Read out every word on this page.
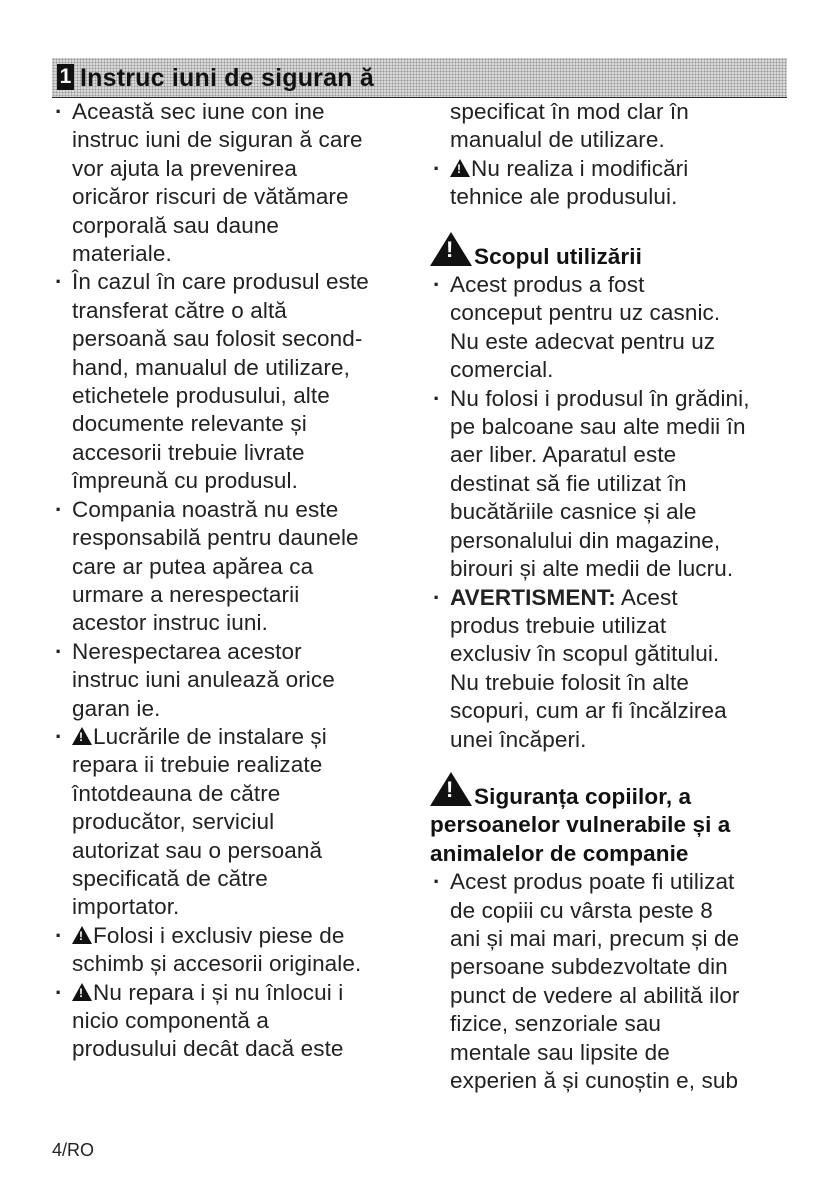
1 Instruc iuni de siguran ă
· Această sec iune con ine
instruc iuni de siguran ă care
vor ajuta la prevenirea
oricăror riscuri de vătămare
corporală sau daune
materiale.
· În cazul în care produsul este
transferat către o altă
persoană sau folosit second-
hand, manualul de utilizare,
etichetele produsului, alte
documente relevante și
accesorii trebuie livrate
împreună cu produsul.
· Compania noastră nu este
responsabilă pentru daunele
care ar putea apărea ca
urmare a nerespectarii
acestor instruc iuni.
· Nerespectarea acestor
instruc iuni anulează orice
garan ie.
!· Lucrările de instalare și
repara ii trebuie realizate
întotdeauna de către
producător, serviciul
autorizat sau o persoană
specificată de către
importator.
!· Folosi i exclusiv piese de
schimb și accesorii originale.
!· Nu repara i și nu înlocui i
nicio componentă a
produsului decât dacă este
specificat în mod clar în
manualul de utilizare.
!· Nu realiza i modificări
tehnice ale produsului.
!Scopul utilizării
· Acest produs a fost
conceput pentru uz casnic.
Nu este adecvat pentru uz
comercial.
· Nu folosi i produsul în grădini,
pe balcoane sau alte medii în
aer liber. Aparatul este
destinat să fie utilizat în
bucătăriile casnice și ale
personalului din magazine,
birouri și alte medii de lucru.
· AVERTISMENT: Acest
produs trebuie utilizat
exclusiv în scopul gătitului.
Nu trebuie folosit în alte
scopuri, cum ar fi încălzirea
unei încăperi.
!Siguranța copiilor, a
persoanelor vulnerabile și a
animalelor de companie
· Acest produs poate fi utilizat
de copiii cu vârsta peste 8
ani și mai mari, precum și de
persoane subdezvoltate din
punct de vedere al abilită ilor
fizice, senzoriale sau
mentale sau lipsite de
experien ă și cunoștin e, sub
4/RO
